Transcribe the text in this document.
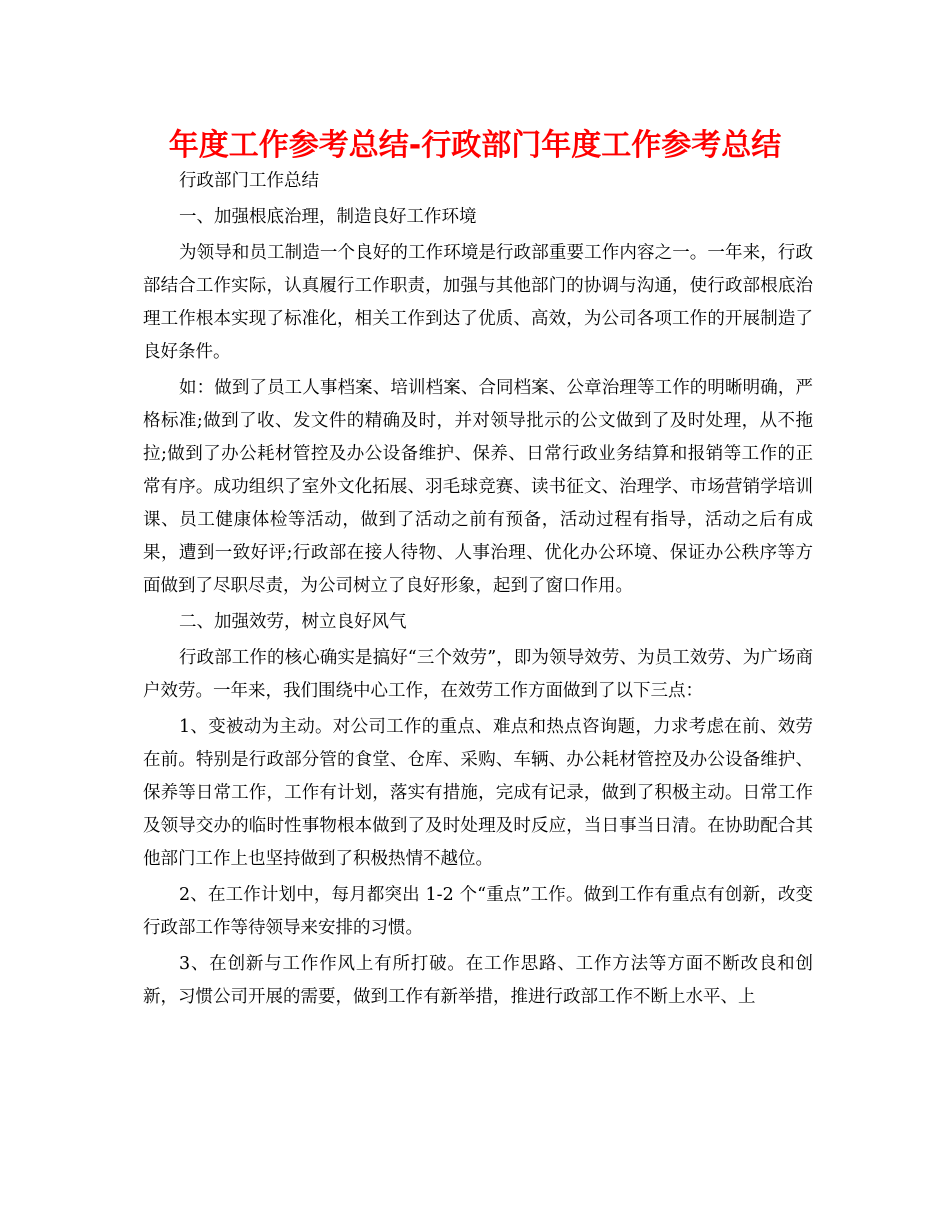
年度工作参考总结-行政部门年度工作参考总结

行政部门工作总结

一、加强根底治理，制造良好工作环境

为领导和员工制造一个良好的工作环境是行政部重要工作内容之一。一年来，行政部结合工作实际，认真履行工作职责，加强与其他部门的协调与沟通，使行政部根底治理工作根本实现了标准化，相关工作到达了优质、高效，为公司各项工作的开展制造了良好条件。

如：做到了员工人事档案、培训档案、合同档案、公章治理等工作的明晰明确，严格标准;做到了收、发文件的精确及时，并对领导批示的公文做到了及时处理，从不拖拉;做到了办公耗材管控及办公设备维护、保养、日常行政业务结算和报销等工作的正常有序。成功组织了室外文化拓展、羽毛球竞赛、读书征文、治理学、市场营销学培训课、员工健康体检等活动，做到了活动之前有预备，活动过程有指导，活动之后有成果，遭到一致好评;行政部在接人待物、人事治理、优化办公环境、保证办公秩序等方面做到了尽职尽责，为公司树立了良好形象，起到了窗口作用。

二、加强效劳，树立良好风气

行政部工作的核心确实是搞好“三个效劳”，即为领导效劳、为员工效劳、为广场商户效劳。一年来，我们围绕中心工作，在效劳工作方面做到了以下三点：

1、变被动为主动。对公司工作的重点、难点和热点咨询题，力求考虑在前、效劳在前。特别是行政部分管的食堂、仓库、采购、车辆、办公耗材管控及办公设备维护、保养等日常工作，工作有计划，落实有措施，完成有记录，做到了积极主动。日常工作及领导交办的临时性事物根本做到了及时处理及时反应，当日事当日清。在协助配合其他部门工作上也坚持做到了积极热情不越位。

2、在工作计划中，每月都突出 1-2 个“重点”工作。做到工作有重点有创新，改变行政部工作等待领导来安排的习惯。

3、在创新与工作作风上有所打破。在工作思路、工作方法等方面不断改良和创新，习惯公司开展的需要，做到工作有新举措，推进行政部工作不断上水平、上
